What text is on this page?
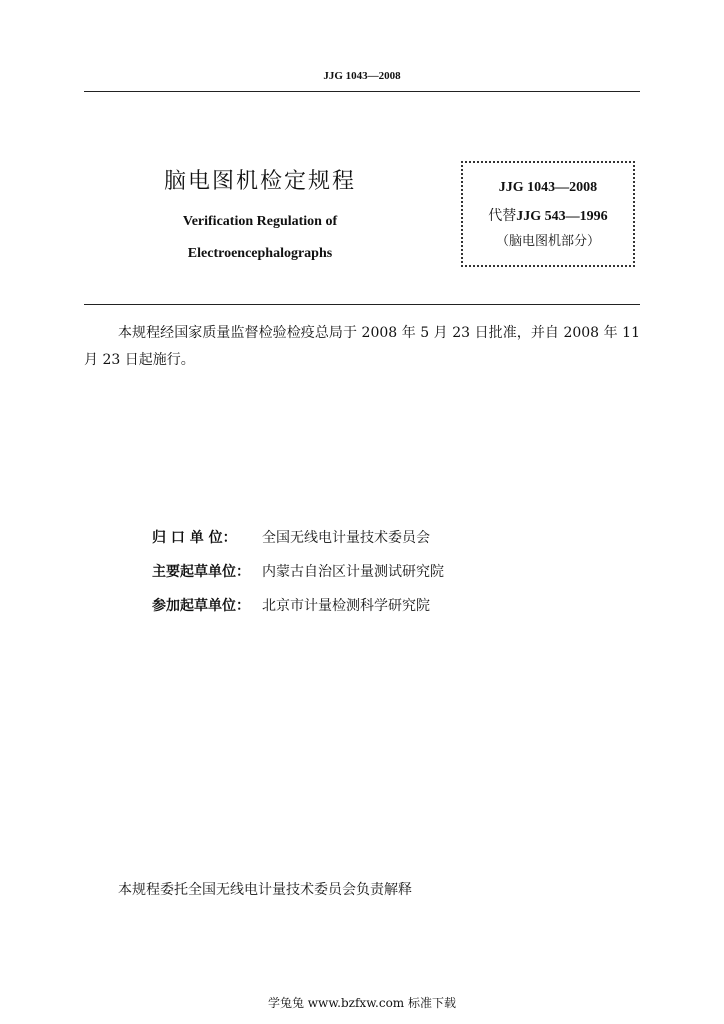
JJG 1043—2008
脑电图机检定规程
Verification Regulation of
Electroencephalographs
JJG 1043—2008
代替JJG 543—1996
（脑电图机部分）
本规程经国家质量监督检验检疫总局于 2008 年 5 月 23 日批准，并自 2008 年 11 月 23 日起施行。
归 口 单 位： 全国无线电计量技术委员会
主要起草单位： 内蒙古自治区计量测试研究院
参加起草单位： 北京市计量检测科学研究院
本规程委托全国无线电计量技术委员会负责解释
学兔兔 www.bzfxw.com 标准下载
